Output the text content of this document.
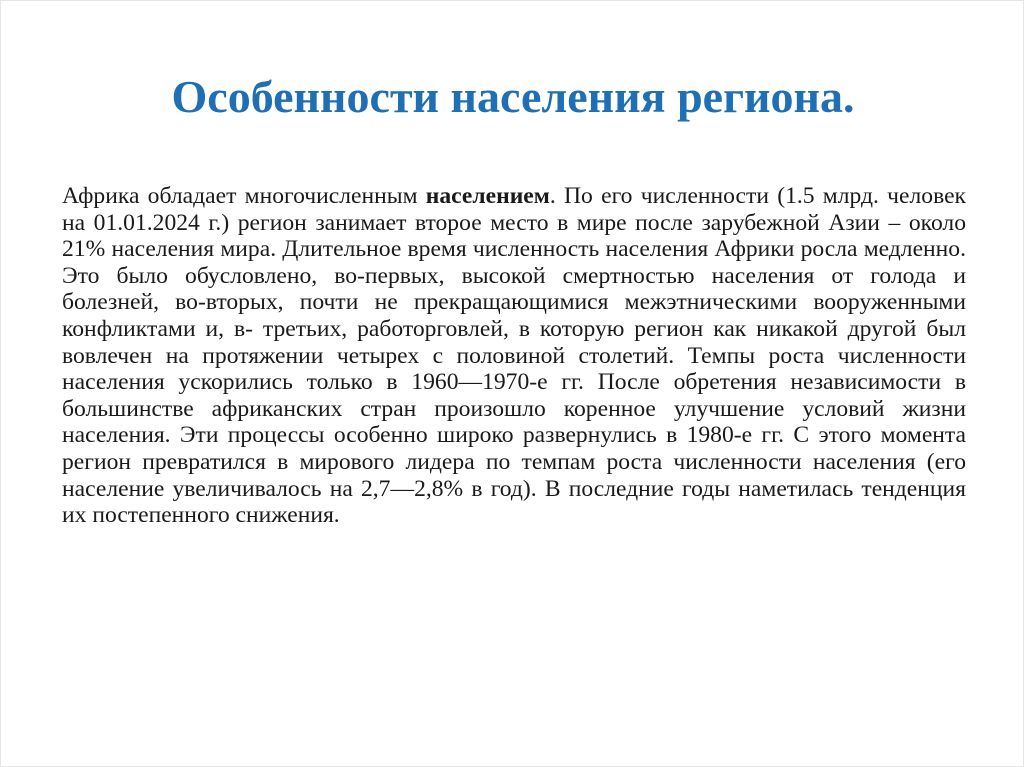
Особенности населения региона.

Африка обладает многочисленным населением. По его численности (1.5 млрд. человек на 01.01.2024 г.) регион занимает второе место в мире после зарубежной Азии – около 21% населения мира. Длительное время численность населения Африки росла медленно. Это было обусловлено, во-первых, высокой смертностью населения от голода и болезней, во-вторых, почти не прекращающимися межэтническими вооруженными конфликтами и, в- третьих, работорговлей, в которую регион как никакой другой был вовлечен на протяжении четырех с половиной столетий. Темпы роста численности населения ускорились только в 1960—1970-е гг. После обретения независимости в большинстве африканских стран произошло коренное улучшение условий жизни населения. Эти процессы особенно широко развернулись в 1980-е гг. С этого момента регион превратился в мирового лидера по темпам роста численности населения (его население увеличивалось на 2,7—2,8% в год). В последние годы наметилась тенденция их постепенного снижения.
